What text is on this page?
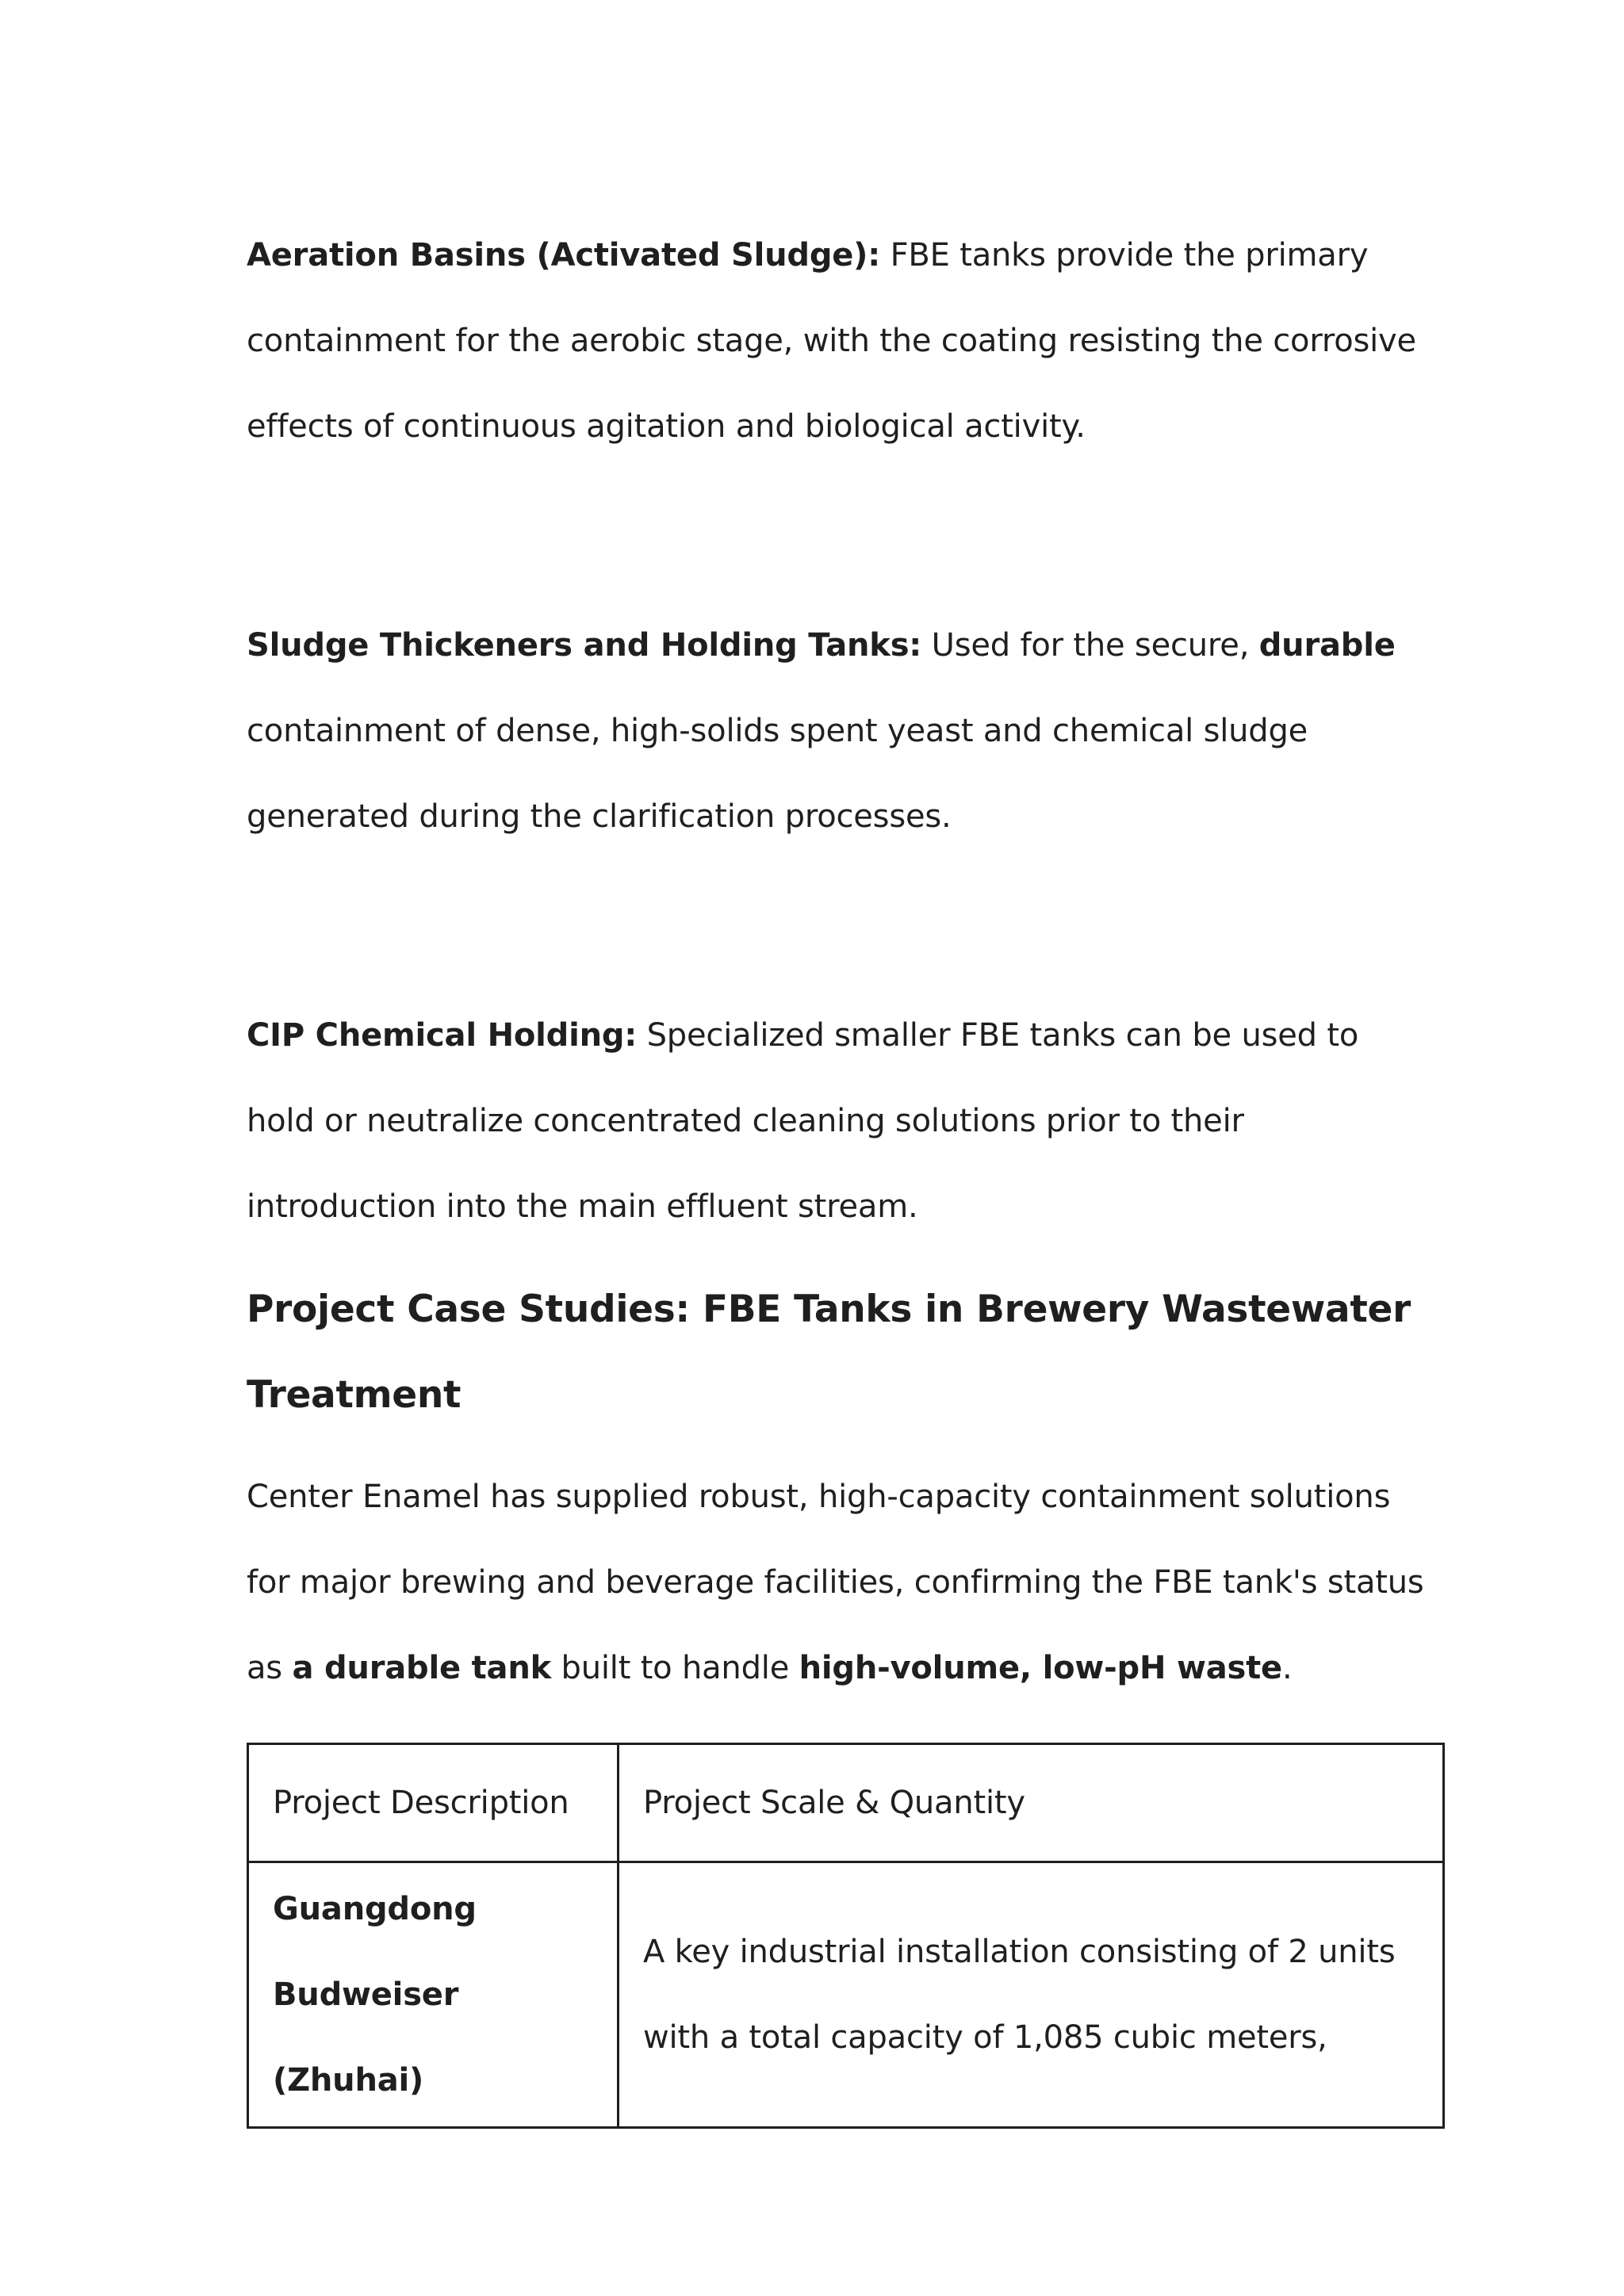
Aeration Basins (Activated Sludge): FBE tanks provide the primary containment for the aerobic stage, with the coating resisting the corrosive effects of continuous agitation and biological activity.

Sludge Thickeners and Holding Tanks: Used for the secure, durable containment of dense, high-solids spent yeast and chemical sludge generated during the clarification processes.

CIP Chemical Holding: Specialized smaller FBE tanks can be used to hold or neutralize concentrated cleaning solutions prior to their introduction into the main effluent stream.

Project Case Studies: FBE Tanks in Brewery Wastewater Treatment

Center Enamel has supplied robust, high-capacity containment solutions for major brewing and beverage facilities, confirming the FBE tank's status as a durable tank built to handle high-volume, low-pH waste.

Project Description	Project Scale & Quantity
Guangdong Budweiser (Zhuhai)	A key industrial installation consisting of 2 units with a total capacity of 1,085 cubic meters,
